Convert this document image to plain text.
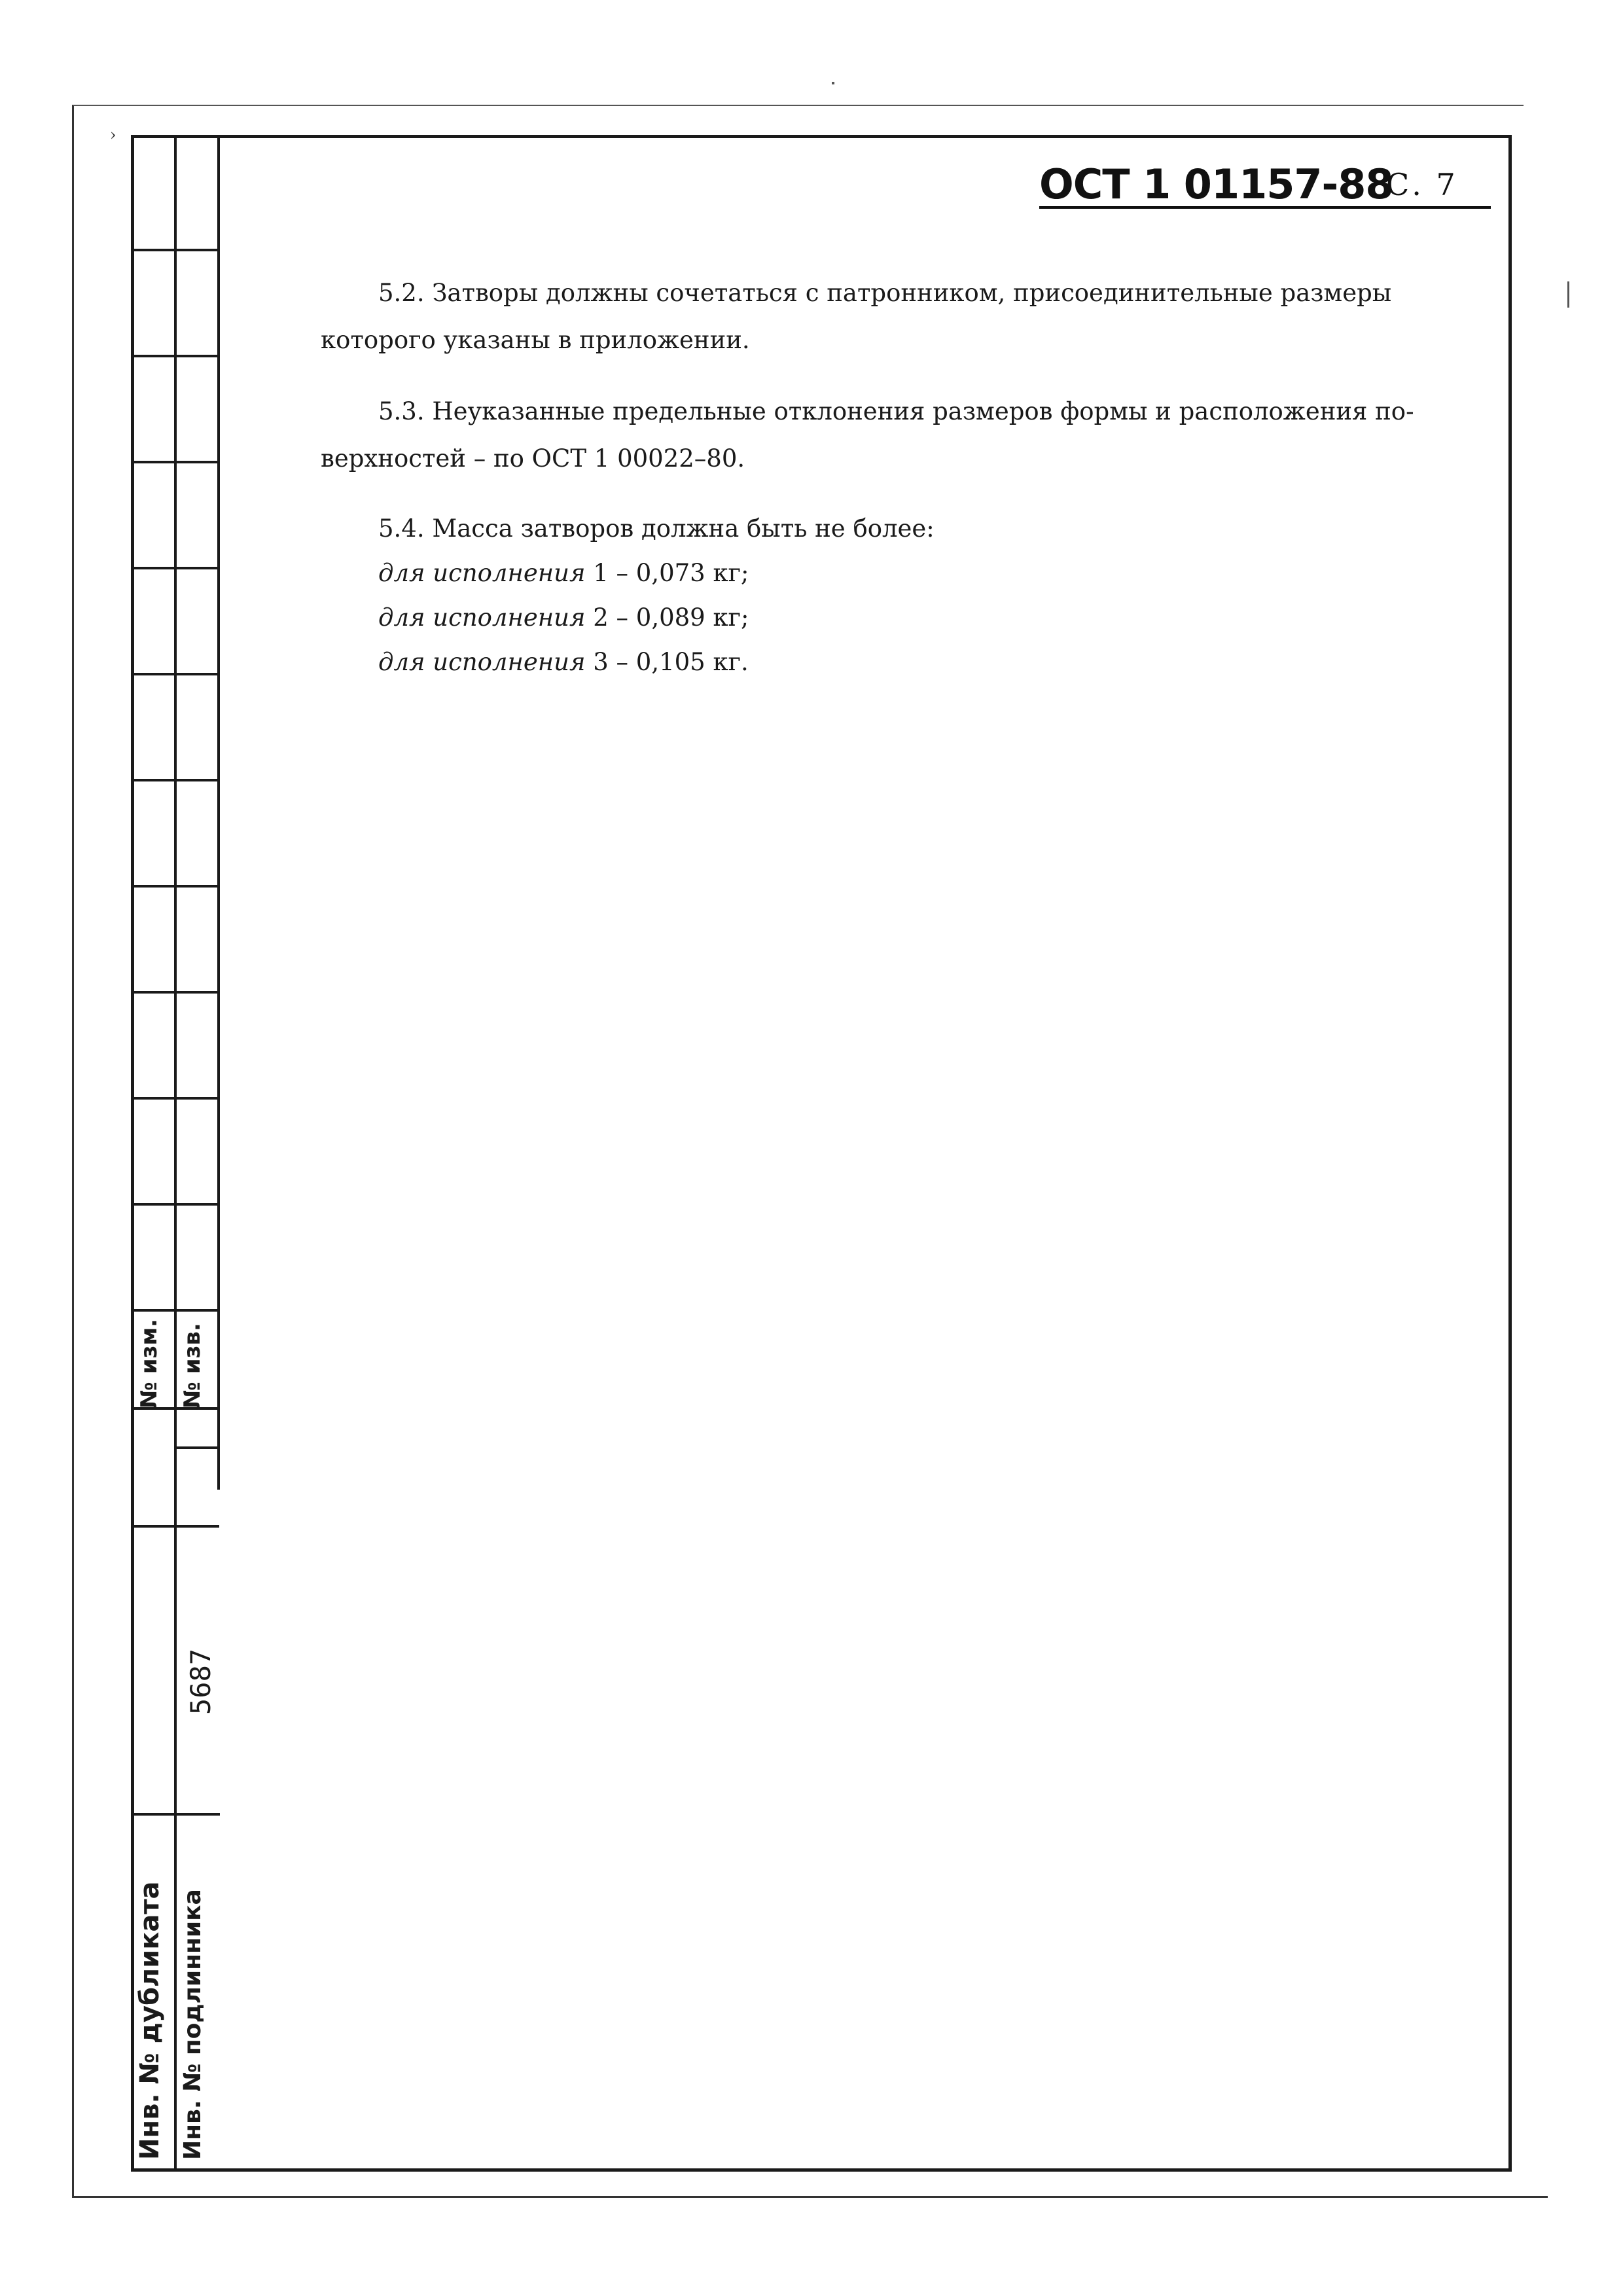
›
№ изм. № изв.
5687
Инв. № дубликата Инв. № подлинника
ОСТ 1 01157-88
С. 7

5.2. Затворы должны сочетаться с патронником, присоединительные размеры
которого указаны в приложении.

5.3. Неуказанные предельные отклонения размеров формы и расположения по-
верхностей – по ОСТ 1 00022–80.

5.4. Масса затворов должна быть не более:

для исполнения 1 – 0,073 кг;

для исполнения 2 – 0,089 кг;

для исполнения 3 – 0,105 кг.
